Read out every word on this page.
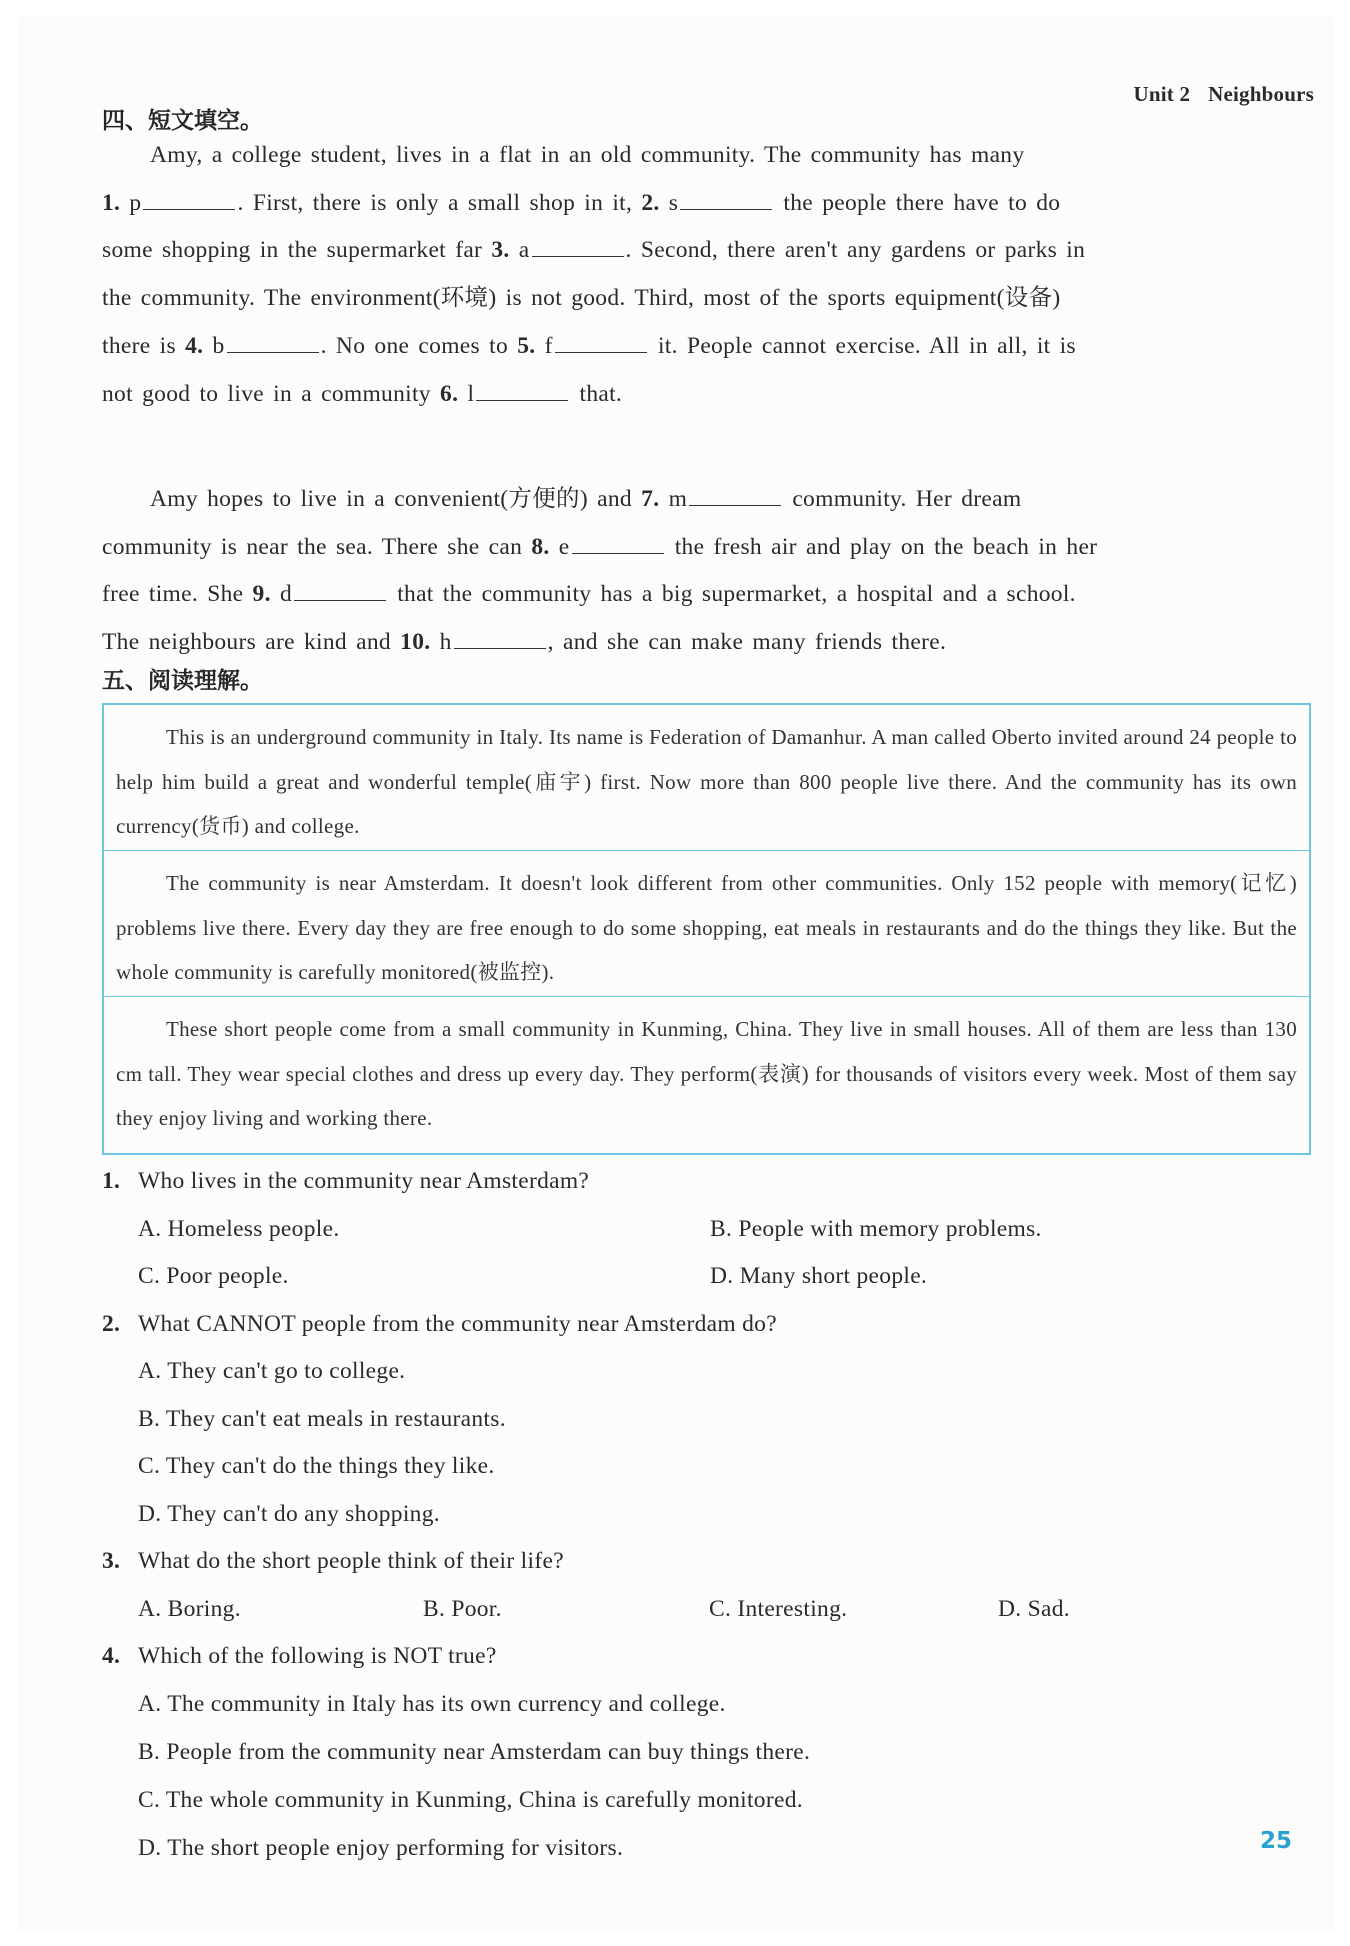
Unit 2 Neighbours
四、短文填空。
Amy, a college student, lives in a flat in an old community. The community has many
1. p	. First, there is only a small shop in it, 2. s	the people there have to do
some shopping in the supermarket far 3. a	. Second, there aren't any gardens or parks in
the community. The environment(环境) is not good. Third, most of the sports equipment(设备)
there is 4. b	. No one comes to 5. f	it. People cannot exercise. All in all, it is
not good to live in a community 6. l	that.
Amy hopes to live in a convenient(方便的) and 7. m	community. Her dream
community is near the sea. There she can 8. e	the fresh air and play on the beach in her
free time. She 9. d	that the community has a big supermarket, a hospital and a school.
The neighbours are kind and 10. h	, and she can make many friends there.
五、阅读理解。
This is an underground community in Italy. Its name is Federation of Damanhur. A man called Oberto invited around 24 people to help him build a great and wonderful temple(庙宇) first. Now more than 800 people live there. And the community has its own currency(货币) and college.
The community is near Amsterdam. It doesn't look different from other communities. Only 152 people with memory(记忆) problems live there. Every day they are free enough to do some shopping, eat meals in restaurants and do the things they like. But the whole community is carefully monitored(被监控).
These short people come from a small community in Kunming, China. They live in small houses. All of them are less than 130 cm tall. They wear special clothes and dress up every day. They perform(表演) for thousands of visitors every week. Most of them say they enjoy living and working there.
1. Who lives in the community near Amsterdam?
A. Homeless people.	B. People with memory problems.
C. Poor people.	D. Many short people.
2. What CANNOT people from the community near Amsterdam do?
A. They can't go to college.
B. They can't eat meals in restaurants.
C. They can't do the things they like.
D. They can't do any shopping.
3. What do the short people think of their life?
A. Boring.	B. Poor.	C. Interesting.	D. Sad.
4. Which of the following is NOT true?
A. The community in Italy has its own currency and college.
B. People from the community near Amsterdam can buy things there.
C. The whole community in Kunming, China is carefully monitored.
D. The short people enjoy performing for visitors.	25
